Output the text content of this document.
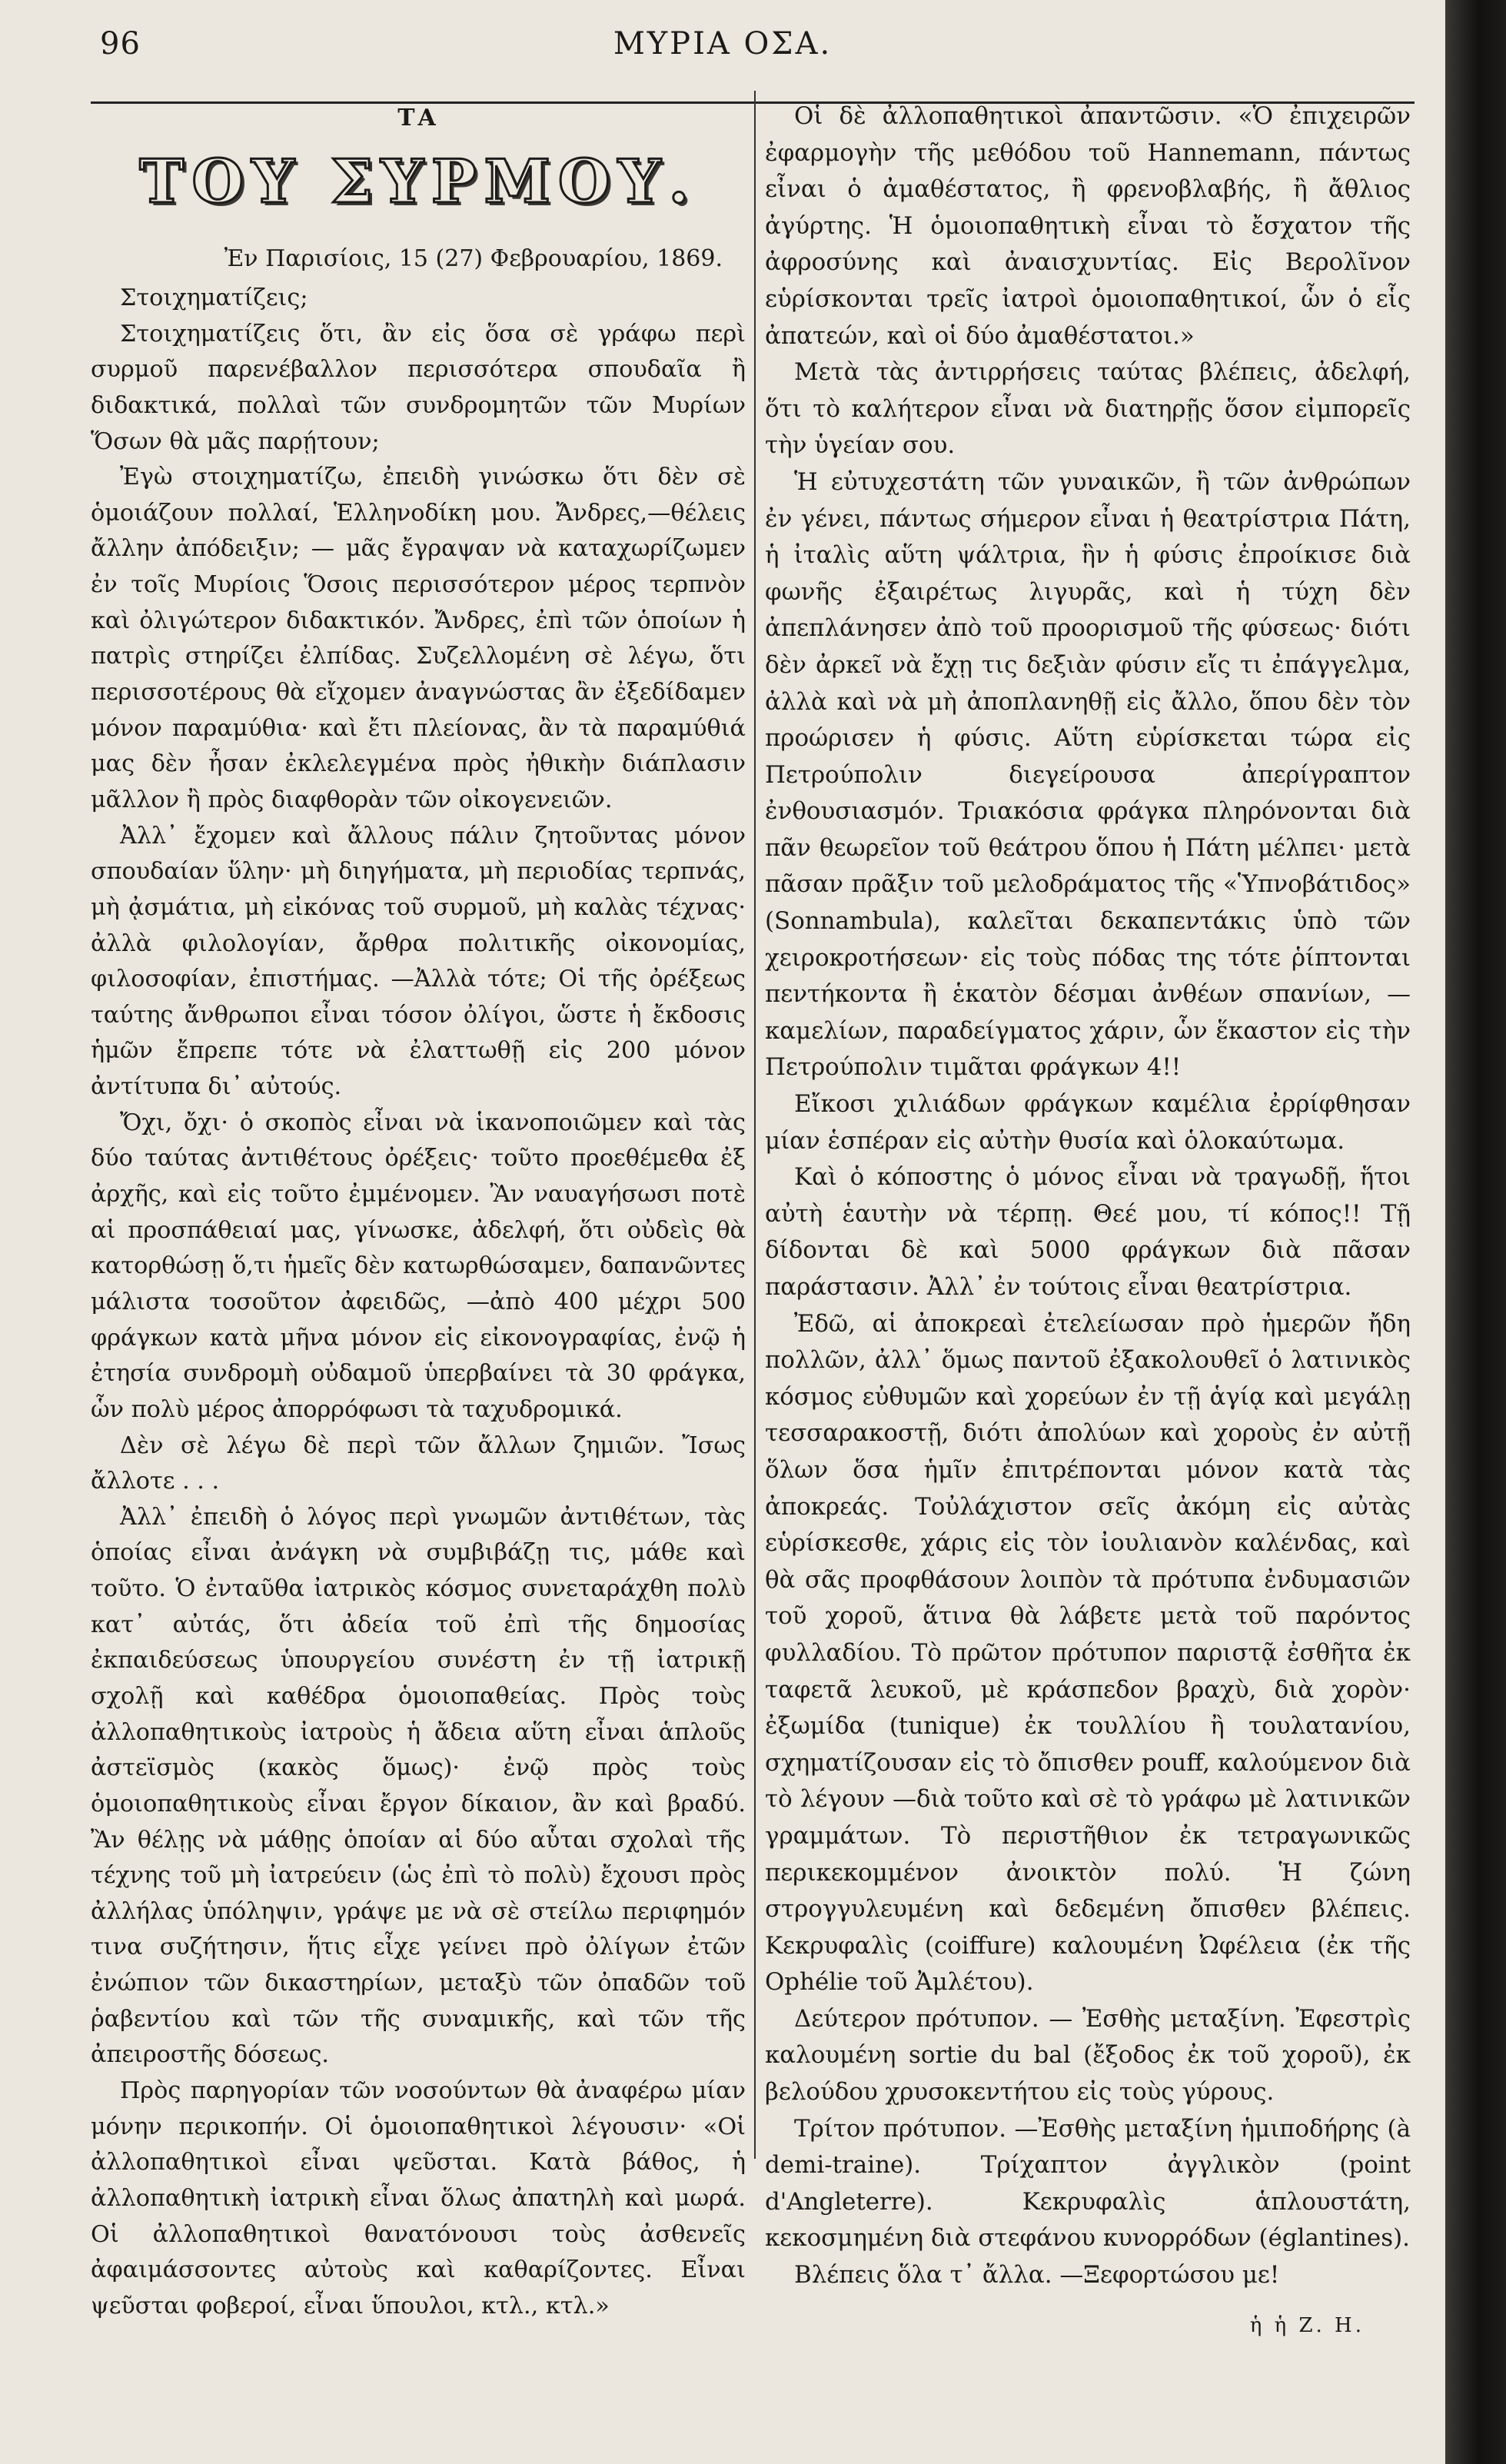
96	ΜΥΡΙΑ ΟΣΑ.
ΤΑ
ΤΟΥ ΣΥΡΜΟΥ.
Ἐν Παρισίοις, 15 (27) Φεβρουαρίου, 1869.

Στοιχηματίζεις;

Στοιχηματίζεις ὅτι, ἂν εἰς ὅσα σὲ γράφω περὶ συρμοῦ παρενέβαλλον περισσότερα σπουδαῖα ἢ διδακτικά, πολλαὶ τῶν συνδρομητῶν τῶν Μυρίων Ὅσων θὰ μᾶς παρῄτουν;

Ἐγὼ στοιχηματίζω, ἐπειδὴ γινώσκω ὅτι δὲν σὲ ὁμοιάζουν πολλαί, Ἑλληνοδίκη μου. Ἄνδρες,—θέλεις ἄλλην ἀπόδειξιν; — μᾶς ἔγραψαν νὰ καταχωρίζωμεν ἐν τοῖς Μυρίοις Ὅσοις περισσότερον μέρος τερπνὸν καὶ ὀλιγώτερον διδακτικόν. Ἄνδρες, ἐπὶ τῶν ὁποίων ἡ πατρὶς στηρίζει ἐλπίδας. Συζελλομένη σὲ λέγω, ὅτι περισσοτέρους θὰ εἴχομεν ἀναγνώστας ἂν ἐξεδίδαμεν μόνον παραμύθια· καὶ ἔτι πλείονας, ἂν τὰ παραμύθιά μας δὲν ἦσαν ἐκλελεγμένα πρὸς ἠθικὴν διάπλασιν μᾶλλον ἢ πρὸς διαφθορὰν τῶν οἰκογενειῶν.

Ἀλλ᾽ ἔχομεν καὶ ἄλλους πάλιν ζητοῦντας μόνον σπουδαίαν ὕλην· μὴ διηγήματα, μὴ περιοδίας τερπνάς, μὴ ᾀσμάτια, μὴ εἰκόνας τοῦ συρμοῦ, μὴ καλὰς τέχνας· ἀλλὰ φιλολογίαν, ἄρθρα πολιτικῆς οἰκονομίας, φιλοσοφίαν, ἐπιστήμας. —Ἀλλὰ τότε; Οἱ τῆς ὀρέξεως ταύτης ἄνθρωποι εἶναι τόσον ὀλίγοι, ὥστε ἡ ἔκδοσις ἡμῶν ἔπρεπε τότε νὰ ἐλαττωθῇ εἰς 200 μόνον ἀντίτυπα δι᾽ αὐτούς.

Ὄχι, ὄχι· ὁ σκοπὸς εἶναι νὰ ἱκανοποιῶμεν καὶ τὰς δύο ταύτας ἀντιθέτους ὀρέξεις· τοῦτο προεθέμεθα ἐξ ἀρχῆς, καὶ εἰς τοῦτο ἐμμένομεν. Ἂν ναυαγήσωσι ποτὲ αἱ προσπάθειαί μας, γίνωσκε, ἀδελφή, ὅτι οὐδεὶς θὰ κατορθώσῃ ὅ,τι ἡμεῖς δὲν κατωρθώσαμεν, δαπανῶντες μάλιστα τοσοῦτον ἀφειδῶς, —ἀπὸ 400 μέχρι 500 φράγκων κατὰ μῆνα μόνον εἰς εἰκονογραφίας, ἐνῷ ἡ ἐτησία συνδρομὴ οὐδαμοῦ ὑπερβαίνει τὰ 30 φράγκα, ὧν πολὺ μέρος ἀπορρόφωσι τὰ ταχυδρομικά.

Δὲν σὲ λέγω δὲ περὶ τῶν ἄλλων ζημιῶν. Ἴσως ἄλλοτε . . .

Ἀλλ᾽ ἐπειδὴ ὁ λόγος περὶ γνωμῶν ἀντιθέτων, τὰς ὁποίας εἶναι ἀνάγκη νὰ συμβιβάζῃ τις, μάθε καὶ τοῦτο. Ὁ ἐνταῦθα ἰατρικὸς κόσμος συνεταράχθη πολὺ κατ᾽ αὐτάς, ὅτι ἀδεία τοῦ ἐπὶ τῆς δημοσίας ἐκπαιδεύσεως ὑπουργείου συνέστη ἐν τῇ ἰατρικῇ σχολῇ καὶ καθέδρα ὁμοιοπαθείας. Πρὸς τοὺς ἀλλοπαθητικοὺς ἰατροὺς ἡ ἄδεια αὕτη εἶναι ἁπλοῦς ἀστεϊσμὸς (κακὸς ὅμως)· ἐνῷ πρὸς τοὺς ὁμοιοπαθητικοὺς εἶναι ἔργον δίκαιον, ἂν καὶ βραδύ. Ἂν θέλῃς νὰ μάθῃς ὁποίαν αἱ δύο αὗται σχολαὶ τῆς τέχνης τοῦ μὴ ἰατρεύειν (ὡς ἐπὶ τὸ πολὺ) ἔχουσι πρὸς ἀλλήλας ὑπόληψιν, γράψε με νὰ σὲ στείλω περιφημόν τινα συζήτησιν, ἥτις εἶχε γείνει πρὸ ὀλίγων ἐτῶν ἐνώπιον τῶν δικαστηρίων, μεταξὺ τῶν ὀπαδῶν τοῦ ῥαβεντίου καὶ τῶν τῆς συναμικῆς, καὶ τῶν τῆς ἀπειροστῆς δόσεως.

Πρὸς παρηγορίαν τῶν νοσούντων θὰ ἀναφέρω μίαν μόνην περικοπήν. Οἱ ὁμοιοπαθητικοὶ λέγουσιν· «Οἱ ἀλλοπαθητικοὶ εἶναι ψεῦσται. Κατὰ βάθος, ἡ ἀλλοπαθητικὴ ἰατρικὴ εἶναι ὅλως ἀπατηλὴ καὶ μωρά. Οἱ ἀλλοπαθητικοὶ θανατόνουσι τοὺς ἀσθενεῖς ἀφαιμάσσοντες αὐτοὺς καὶ καθαρίζοντες. Εἶναι ψεῦσται φοβεροί, εἶναι ὕπουλοι, κτλ., κτλ.»

Οἱ δὲ ἀλλοπαθητικοὶ ἀπαντῶσιν. «Ὁ ἐπιχειρῶν ἐφαρμογὴν τῆς μεθόδου τοῦ Hannemann, πάντως εἶναι ὁ ἀμαθέστατος, ἢ φρενοβλαβής, ἢ ἄθλιος ἀγύρτης. Ἡ ὁμοιοπαθητικὴ εἶναι τὸ ἔσχατον τῆς ἀφροσύνης καὶ ἀναισχυντίας. Εἰς Βερολῖνον εὑρίσκονται τρεῖς ἰατροὶ ὁμοιοπαθητικοί, ὧν ὁ εἷς ἀπατεών, καὶ οἱ δύο ἀμαθέστατοι.»

Μετὰ τὰς ἀντιρρήσεις ταύτας βλέπεις, ἀδελφή, ὅτι τὸ καλήτερον εἶναι νὰ διατηρῇς ὅσον εἰμπορεῖς τὴν ὑγείαν σου.

Ἡ εὐτυχεστάτη τῶν γυναικῶν, ἢ τῶν ἀνθρώπων ἐν γένει, πάντως σήμερον εἶναι ἡ θεατρίστρια Πάτη, ἡ ἰταλὶς αὕτη ψάλτρια, ἣν ἡ φύσις ἐπροίκισε διὰ φωνῆς ἐξαιρέτως λιγυρᾶς, καὶ ἡ τύχη δὲν ἀπεπλάνησεν ἀπὸ τοῦ προορισμοῦ τῆς φύσεως· διότι δὲν ἀρκεῖ νὰ ἔχῃ τις δεξιὰν φύσιν εἴς τι ἐπάγγελμα, ἀλλὰ καὶ νὰ μὴ ἀποπλανηθῇ εἰς ἄλλο, ὅπου δὲν τὸν προώρισεν ἡ φύσις. Αὕτη εὑρίσκεται τώρα εἰς Πετρούπολιν διεγείρουσα ἀπερίγραπτον ἐνθουσιασμόν. Τριακόσια φράγκα πληρόνονται διὰ πᾶν θεωρεῖον τοῦ θεάτρου ὅπου ἡ Πάτη μέλπει· μετὰ πᾶσαν πρᾶξιν τοῦ μελοδράματος τῆς «Ὑπνοβάτιδος» (Sonnambula), καλεῖται δεκαπεντάκις ὑπὸ τῶν χειροκροτήσεων· εἰς τοὺς πόδας της τότε ῥίπτονται πεντήκοντα ἢ ἑκατὸν δέσμαι ἀνθέων σπανίων, — καμελίων, παραδείγματος χάριν, ὧν ἕκαστον εἰς τὴν Πετρούπολιν τιμᾶται φράγκων 4!!

Εἴκοσι χιλιάδων φράγκων καμέλια ἐρρίφθησαν μίαν ἑσπέραν εἰς αὐτὴν θυσία καὶ ὁλοκαύτωμα.

Καὶ ὁ κόποστης ὁ μόνος εἶναι νὰ τραγωδῇ, ἥτοι αὐτὴ ἑαυτὴν νὰ τέρπῃ. Θεέ μου, τί κόπος!! Τῇ δίδονται δὲ καὶ 5000 φράγκων διὰ πᾶσαν παράστασιν. Ἀλλ᾽ ἐν τούτοις εἶναι θεατρίστρια.

Ἐδῶ, αἱ ἀποκρεαὶ ἐτελείωσαν πρὸ ἡμερῶν ἤδη πολλῶν, ἀλλ᾽ ὅμως παντοῦ ἐξακολουθεῖ ὁ λατινικὸς κόσμος εὐθυμῶν καὶ χορεύων ἐν τῇ ἁγίᾳ καὶ μεγάλῃ τεσσαρακοστῇ, διότι ἀπολύων καὶ χοροὺς ἐν αὐτῇ ὅλων ὅσα ἡμῖν ἐπιτρέπονται μόνον κατὰ τὰς ἀποκρεάς. Τοὐλάχιστον σεῖς ἀκόμη εἰς αὐτὰς εὑρίσκεσθε, χάρις εἰς τὸν ἰουλιανὸν καλένδας, καὶ θὰ σᾶς προφθάσουν λοιπὸν τὰ πρότυπα ἐνδυμασιῶν τοῦ χοροῦ, ἅτινα θὰ λάβετε μετὰ τοῦ παρόντος φυλλαδίου. Τὸ πρῶτον πρότυπον παριστᾷ ἐσθῆτα ἐκ ταφετᾶ λευκοῦ, μὲ κράσπεδον βραχὺ, διὰ χορὸν· ἐξωμίδα (tunique) ἐκ τουλλίου ἢ τουλατανίου, σχηματίζουσαν εἰς τὸ ὄπισθεν pouff, καλούμενον διὰ τὸ λέγουν —διὰ τοῦτο καὶ σὲ τὸ γράφω μὲ λατινικῶν γραμμάτων. Τὸ περιστῆθιον ἐκ τετραγωνικῶς περικεκομμένον ἀνοικτὸν πολύ. Ἡ ζώνη στρογγυλευμένη καὶ δεδεμένη ὄπισθεν βλέπεις. Κεκρυφαλὶς (coiffure) καλουμένη Ὠφέλεια (ἐκ τῆς Ophélie τοῦ Ἀμλέτου).

Δεύτερον πρότυπον. — Ἐσθὴς μεταξίνη. Ἐφεστρὶς καλουμένη sortie du bal (ἔξοδος ἐκ τοῦ χοροῦ), ἐκ βελούδου χρυσοκεντήτου εἰς τοὺς γύρους.

Τρίτον πρότυπον. —Ἐσθὴς μεταξίνη ἡμιποδήρης (à demi-traine). Τρίχαπτον ἀγγλικὸν (point d'Angleterre). Κεκρυφαλὶς ἁπλουστάτη, κεκοσμημένη διὰ στεφάνου κυνορρόδων (églantines).

Βλέπεις ὅλα τ᾽ ἄλλα. —Ξεφορτώσου με!

ἡ ἡ Ζ. Η.
